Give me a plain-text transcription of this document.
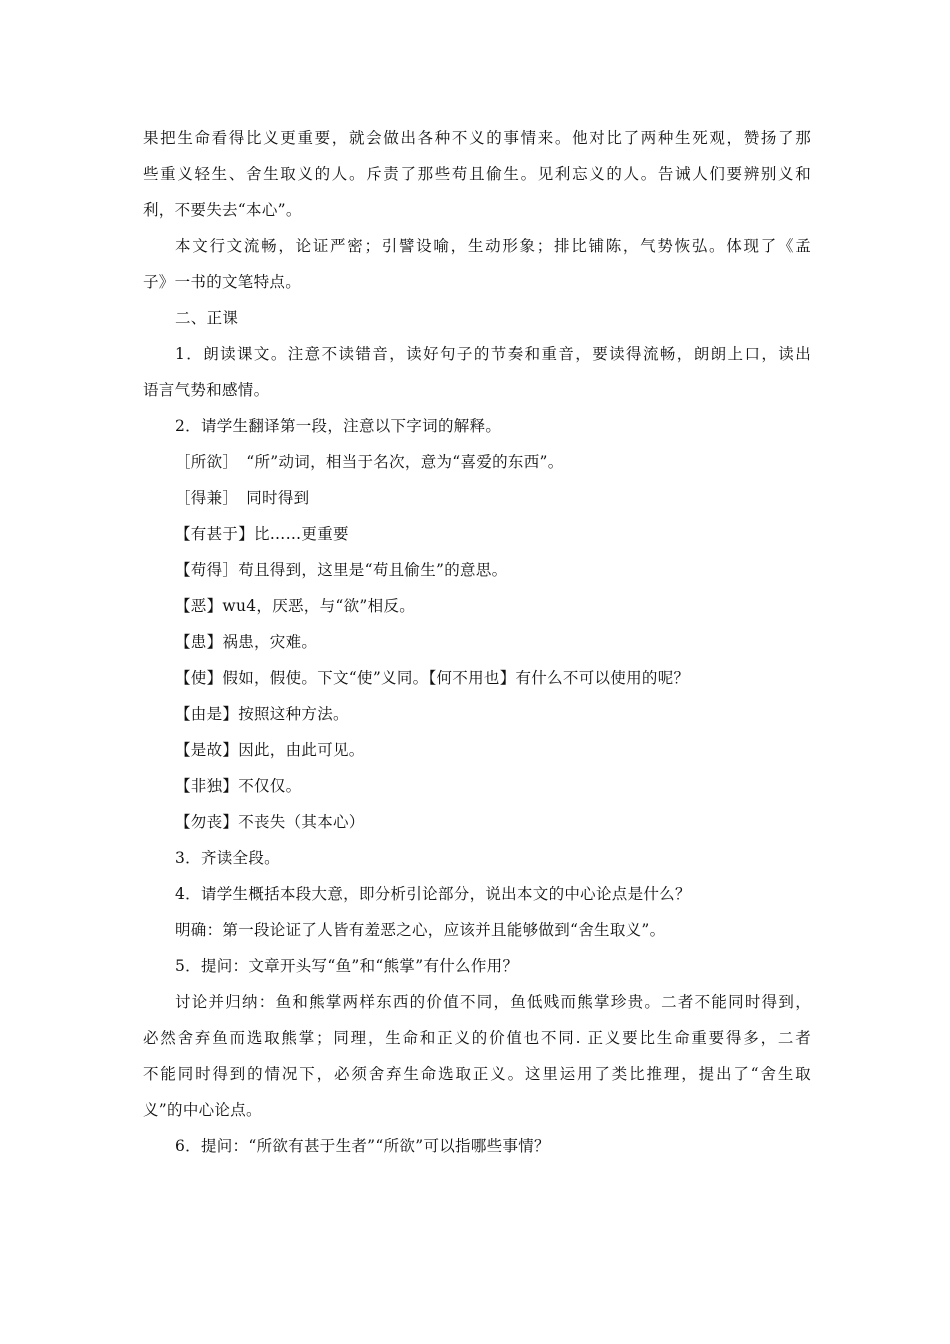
果把生命看得比义更重要，就会做出各种不义的事情来。他对比了两种生死观，赞扬了那
些重义轻生、舍生取义的人。斥责了那些苟且偷生。见利忘义的人。告诫人们要辨别义和
利，不要失去“本心”。
本文行文流畅，论证严密；引譬设喻，生动形象；排比铺陈，气势恢弘。体现了《孟
子》一书的文笔特点。
二、正课
1．朗读课文。注意不读错音，读好句子的节奏和重音，要读得流畅，朗朗上口，读出
语言气势和感情。
2．请学生翻译第一段，注意以下字词的解释。
［所欲］　“所”动词，相当于名次，意为“喜爱的东西”。
［得兼］　同时得到
【有甚于】比……更重要
【苟得］苟且得到，这里是“苟且偷生”的意思。
【恶】wu4，厌恶，与“欲”相反。
【患】祸患，灾难。
【使】假如，假使。下文“使”义同。【何不用也】有什么不可以使用的呢？
【由是】按照这种方法。
【是故】因此，由此可见。
【非独】不仅仅。
【勿丧】不丧失（其本心）
3．齐读全段。
4．请学生概括本段大意，即分析引论部分，说出本文的中心论点是什么？
明确：第一段论证了人皆有羞恶之心，应该并且能够做到“舍生取义”。
5．提问：文章开头写“鱼”和“熊掌”有什么作用？
讨论并归纳：鱼和熊掌两样东西的价值不同，鱼低贱而熊掌珍贵。二者不能同时得到，
必然舍弃鱼而选取熊掌；同理，生命和正义的价值也不同. 正义要比生命重要得多，二者
不能同时得到的情况下，必须舍弃生命选取正义。这里运用了类比推理，提出了“舍生取
义”的中心论点。
6．提问：“所欲有甚于生者”“所欲”可以指哪些事情？
